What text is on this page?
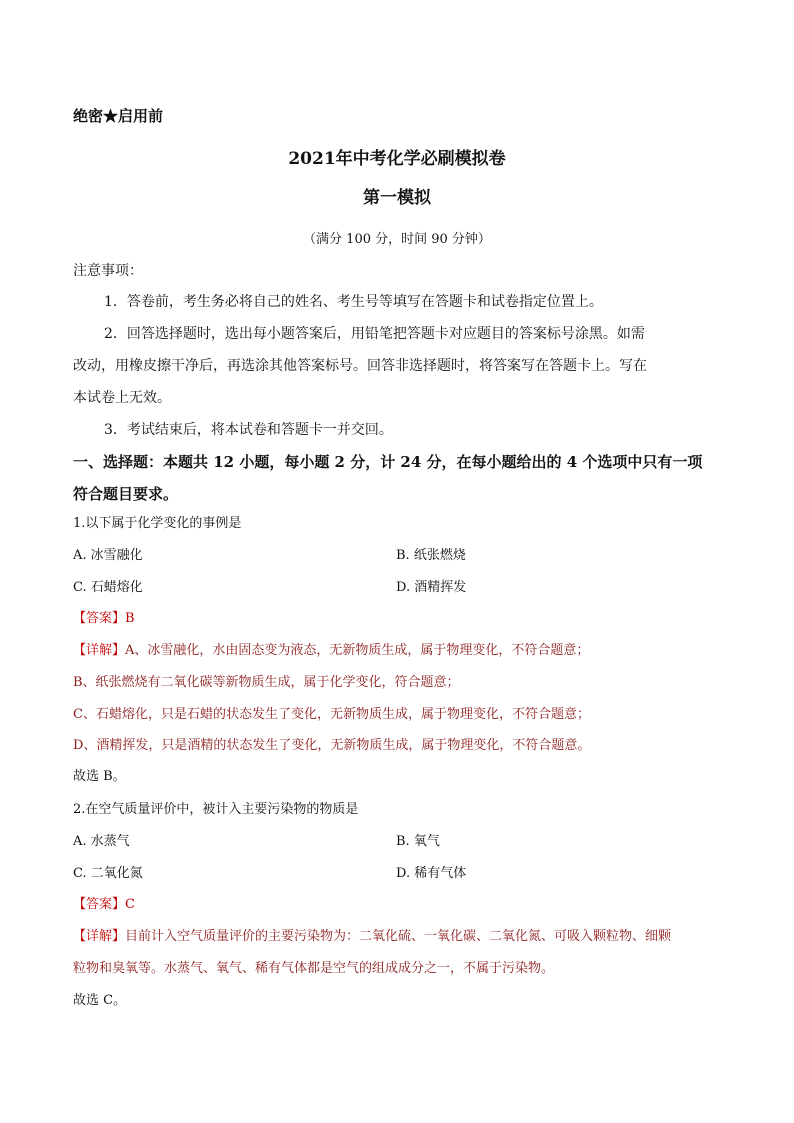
绝密★启用前
2021年中考化学必刷模拟卷
第一模拟
（满分 100 分，时间 90 分钟）
注意事项：
1．答卷前，考生务必将自己的姓名、考生号等填写在答题卡和试卷指定位置上。
2．回答选择题时，选出每小题答案后，用铅笔把答题卡对应题目的答案标号涂黑。如需
改动，用橡皮擦干净后，再选涂其他答案标号。回答非选择题时，将答案写在答题卡上。写在
本试卷上无效。
3．考试结束后，将本试卷和答题卡一并交回。
一、选择题：本题共 12 小题，每小题 2 分，计 24 分，在每小题给出的 4 个选项中只有一项
符合题目要求。
1.以下属于化学变化的事例是
A. 冰雪融化	B. 纸张燃烧
C. 石蜡熔化	D. 酒精挥发
【答案】B
【详解】A、冰雪融化，水由固态变为液态，无新物质生成，属于物理变化，不符合题意；
B、纸张燃烧有二氧化碳等新物质生成，属于化学变化，符合题意；
C、石蜡熔化，只是石蜡的状态发生了变化，无新物质生成，属于物理变化，不符合题意；
D、酒精挥发，只是酒精的状态发生了变化，无新物质生成，属于物理变化，不符合题意。
故选 B。
2.在空气质量评价中，被计入主要污染物的物质是
A. 水蒸气	B. 氧气
C. 二氧化氮	D. 稀有气体
【答案】C
【详解】目前计入空气质量评价的主要污染物为：二氧化硫、一氧化碳、二氧化氮、可吸入颗粒物、细颗
粒物和臭氧等。水蒸气、氧气、稀有气体都是空气的组成成分之一，不属于污染物。
故选 C。
